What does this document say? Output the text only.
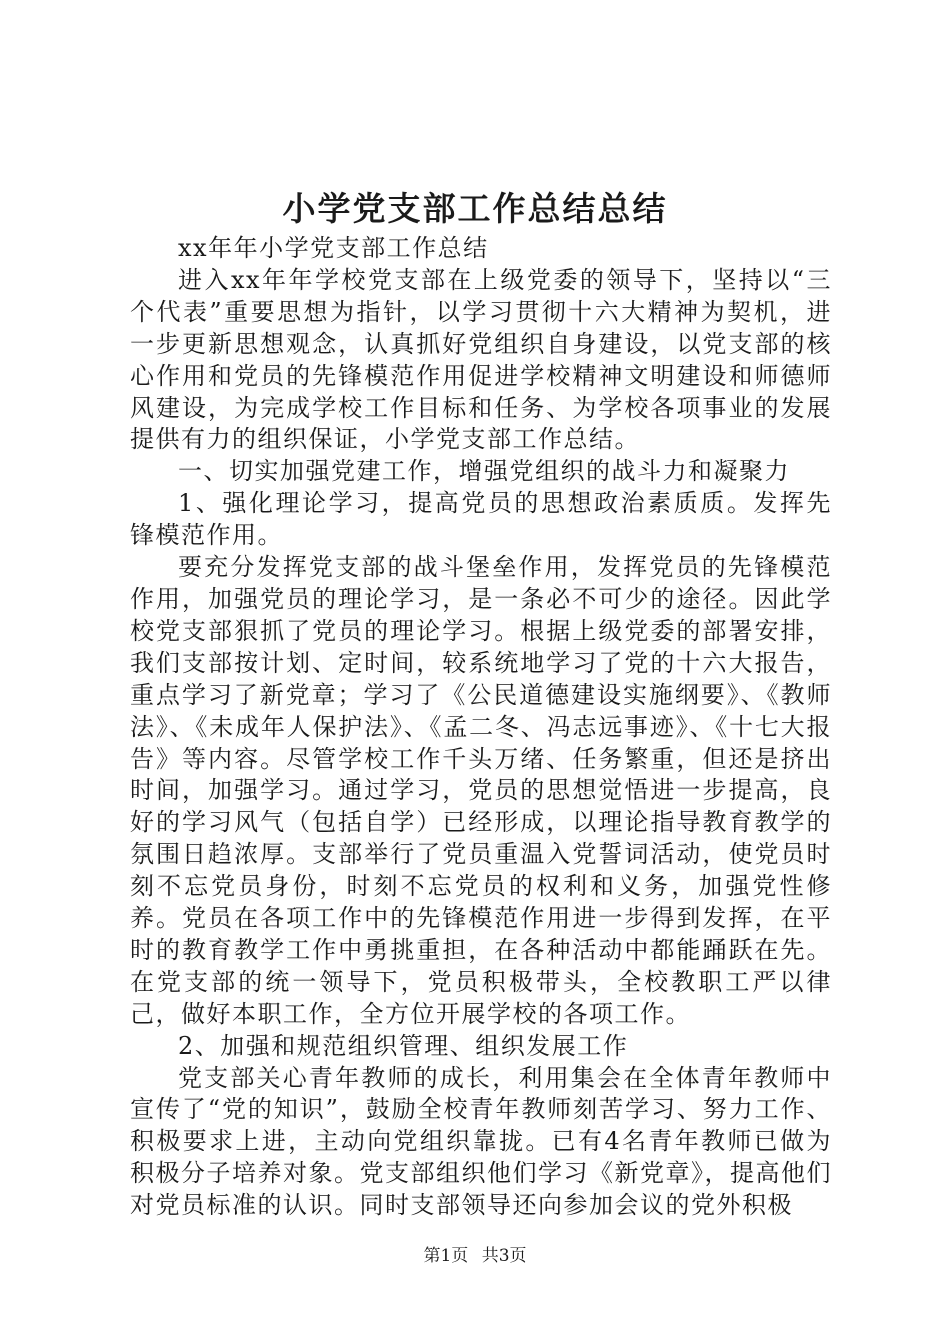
小学党支部工作总结总结

xx年年小学党支部工作总结

进入xx年年学校党支部在上级党委的领导下，坚持以“三个代表”重要思想为指针，以学习贯彻十六大精神为契机，进一步更新思想观念，认真抓好党组织自身建设，以党支部的核心作用和党员的先锋模范作用促进学校精神文明建设和师德师风建设，为完成学校工作目标和任务、为学校各项事业的发展提供有力的组织保证，小学党支部工作总结。

一、切实加强党建工作，增强党组织的战斗力和凝聚力

1、强化理论学习，提高党员的思想政治素质质。发挥先锋模范作用。

要充分发挥党支部的战斗堡垒作用，发挥党员的先锋模范作用，加强党员的理论学习，是一条必不可少的途径。因此学校党支部狠抓了党员的理论学习。根据上级党委的部署安排，我们支部按计划、定时间，较系统地学习了党的十六大报告，重点学习了新党章；学习了《公民道德建设实施纲要》、《教师法》、《未成年人保护法》、《孟二冬、冯志远事迹》、《十七大报告》等内容。尽管学校工作千头万绪、任务繁重，但还是挤出时间，加强学习。通过学习，党员的思想觉悟进一步提高，良好的学习风气（包括自学）已经形成，以理论指导教育教学的氛围日趋浓厚。支部举行了党员重温入党誓词活动，使党员时刻不忘党员身份，时刻不忘党员的权利和义务，加强党性修养。党员在各项工作中的先锋模范作用进一步得到发挥，在平时的教育教学工作中勇挑重担，在各种活动中都能踊跃在先。在党支部的统一领导下，党员积极带头，全校教职工严以律己，做好本职工作，全方位开展学校的各项工作。

2、加强和规范组织管理、组织发展工作

党支部关心青年教师的成长，利用集会在全体青年教师中宣传了“党的知识”，鼓励全校青年教师刻苦学习、努力工作、积极要求上进，主动向党组织靠拢。已有4名青年教师已做为积极分子培养对象。党支部组织他们学习《新党章》，提高他们对党员标准的认识。同时支部领导还向参加会议的党外积极

第1页 共3页
